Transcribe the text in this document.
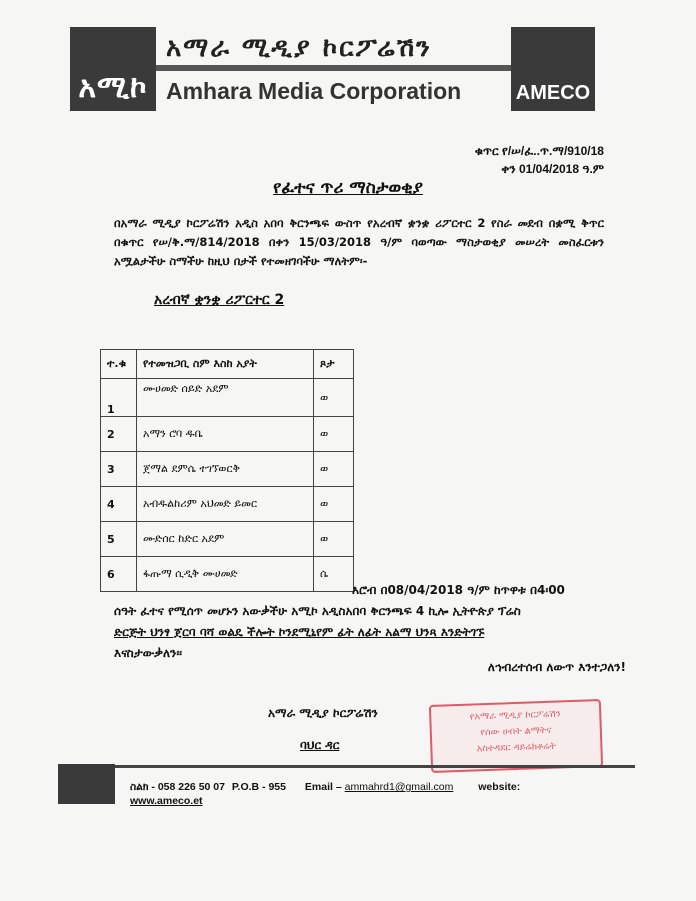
አሚኮ
አማራ ሚዲያ ኮርፖሬሽን
Amhara Media Corporation	AMECO
ቁጥር የ/ሠ/ፈ..ጥ.ማ/910/18
ቀን 01/04/2018 ዓ.ም
የፈተና ጥሪ ማስታወቂያ
በአማራ ሚዲያ ኮርፖሬሽን አዲስ አበባ ቅርንጫፍ ውስጥ የአረብኛ ቋንቋ ሪፖርተር 2 የስራ መደብ በቋሚ ቅጥር በቁጥር የሠ/ቅ.ማ/814/2018 በቀን 15/03/2018 ዓ/ም ባወጣው ማስታወቂያ መሠረት መስፈርቱን አሟልታችሁ ስማችሁ ከዚህ በታች የተመዘገባችሁ ማለትም፡-
አረብኛ ቋንቋ ሪፖርተር 2
ተ.ቁ	የተመዝጋቢ ስም እስከ አያት	ጾታ
1	ሙሀመድ ሰይድ አደም	ወ
2	አማን ሮባ ዱቤ	ወ
3	ጀማል ደምሴ ተገኘወርቅ	ወ
4	አብዱልከሪም አህመድ ይመር	ወ
5	ሙድሰር ከድር አደም	ወ
6	ፋጡማ ሲዲቅ ሙሀመድ	ሴ
እሮብ በ08/04/2018 ዓ/ም ከጥዋቱ በ4፡00
ሰዓት ፈተና የሚሰጥ መሆኑን አውቃችሁ አሚኮ አዲስአበባ ቅርንጫፍ 4 ኪሎ ኢትዮጵያ ፕሬስ
ድርጅት ህንፃ ጀርባ ባሻ ወልዴ ችሎት ኮንደሚኒየም ፊት ለፊት አልማ ህንጻ እንድትገኙ
እናስታውቃለን፡፡
ለኅብረተሰብ ለውጥ እንተጋለን!
አማራ ሚዲያ ኮርፖሬሽን
ባህር ዳር
የአማራ ሚዲያ ኮርፖሬሽን
የሰው ሀብት ልማትና
አስተዳደር ዳይሬክቶሬት
ስልክ - 058 226 50 07 P.O.B - 955 Email – ammahrd1@gmail.com website:
www.ameco.et
